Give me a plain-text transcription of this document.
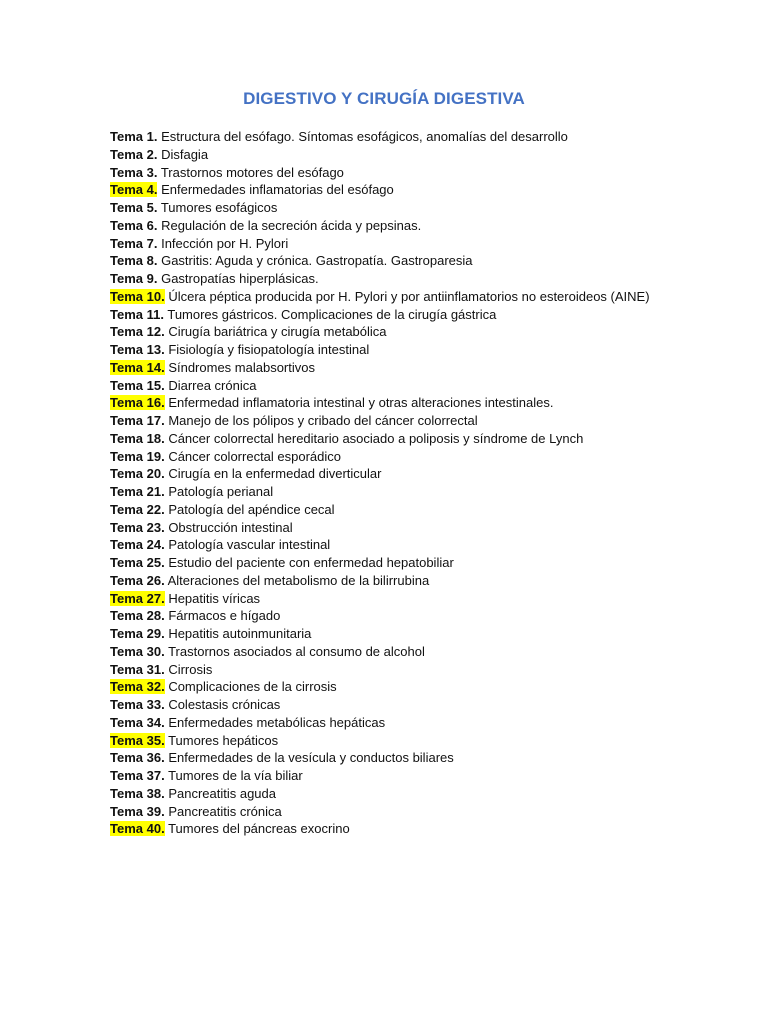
DIGESTIVO Y CIRUGÍA DIGESTIVA
Tema 1. Estructura del esófago. Síntomas esofágicos, anomalías del desarrollo
Tema 2. Disfagia
Tema 3. Trastornos motores del esófago
Tema 4. Enfermedades inflamatorias del esófago
Tema 5. Tumores esofágicos
Tema 6. Regulación de la secreción ácida y pepsinas.
Tema 7. Infección por H. Pylori
Tema 8. Gastritis: Aguda y crónica. Gastropatía. Gastroparesia
Tema 9. Gastropatías hiperplásicas.
Tema 10. Úlcera péptica producida por H. Pylori y por antiinflamatorios no esteroideos (AINE)
Tema 11. Tumores gástricos. Complicaciones de la cirugía gástrica
Tema 12. Cirugía bariátrica y cirugía metabólica
Tema 13. Fisiología y fisiopatología intestinal
Tema 14. Síndromes malabsortivos
Tema 15. Diarrea crónica
Tema 16. Enfermedad inflamatoria intestinal y otras alteraciones intestinales.
Tema 17. Manejo de los pólipos y cribado del cáncer colorrectal
Tema 18. Cáncer colorrectal hereditario asociado a poliposis y síndrome de Lynch
Tema 19. Cáncer colorrectal esporádico
Tema 20. Cirugía en la enfermedad diverticular
Tema 21. Patología perianal
Tema 22. Patología del apéndice cecal
Tema 23. Obstrucción intestinal
Tema 24. Patología vascular intestinal
Tema 25. Estudio del paciente con enfermedad hepatobiliar
Tema 26. Alteraciones del metabolismo de la bilirrubina
Tema 27. Hepatitis víricas
Tema 28. Fármacos e hígado
Tema 29. Hepatitis autoinmunitaria
Tema 30. Trastornos asociados al consumo de alcohol
Tema 31. Cirrosis
Tema 32. Complicaciones de la cirrosis
Tema 33. Colestasis crónicas
Tema 34. Enfermedades metabólicas hepáticas
Tema 35. Tumores hepáticos
Tema 36. Enfermedades de la vesícula y conductos biliares
Tema 37. Tumores de la vía biliar
Tema 38. Pancreatitis aguda
Tema 39. Pancreatitis crónica
Tema 40. Tumores del páncreas exocrino
